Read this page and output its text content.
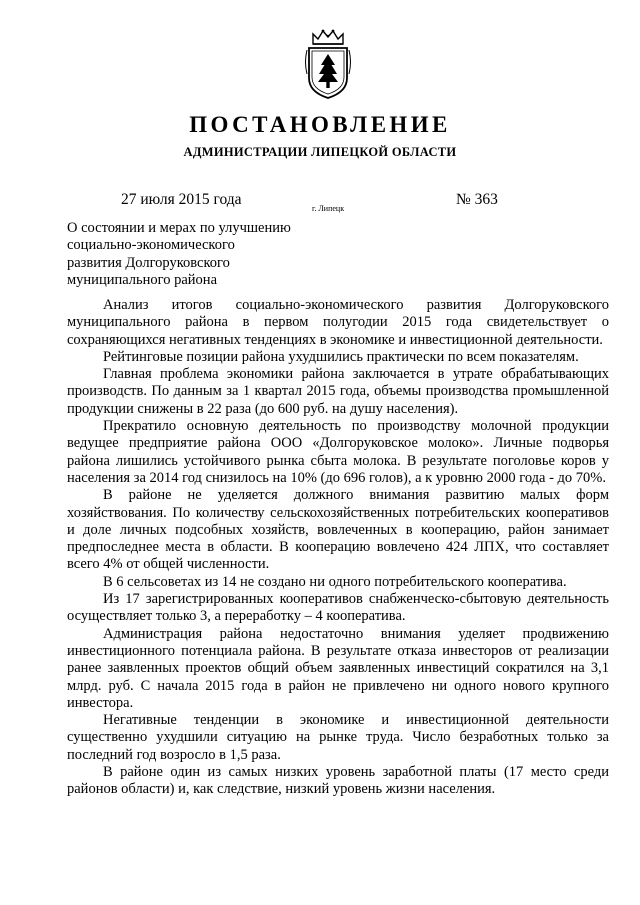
ПОСТАНОВЛЕНИЕ
АДМИНИСТРАЦИИ ЛИПЕЦКОЙ ОБЛАСТИ
27 июля 2015 года
г. Липецк
№ 363
О состоянии и мерах по улучшению
социально-экономического
развития Долгоруковского
муниципального района

Анализ итогов социально-экономического развития Долгоруковского муниципального района в первом полугодии 2015 года свидетельствует о сохраняющихся негативных тенденциях в экономике и инвестиционной деятельности.

Рейтинговые позиции района ухудшились практически по всем показателям.

Главная проблема экономики района заключается в утрате обрабатывающих производств. По данным за 1 квартал 2015 года, объемы производства промышленной продукции снижены в 22 раза (до 600 руб. на душу населения).

Прекратило основную деятельность по производству молочной продукции ведущее предприятие района ООО «Долгоруковское молоко». Личные подворья района лишились устойчивого рынка сбыта молока. В результате поголовье коров у населения за 2014 год снизилось на 10% (до 696 голов), а к уровню 2000 года - до 70%.

В районе не уделяется должного внимания развитию малых форм хозяйствования. По количеству сельскохозяйственных потребительских кооперативов и доле личных подсобных хозяйств, вовлеченных в кооперацию, район занимает предпоследнее места в области. В кооперацию вовлечено 424 ЛПХ, что составляет всего 4% от общей численности.

В 6 сельсоветах из 14 не создано ни одного потребительского кооператива.

Из 17 зарегистрированных кооперативов снабженческо-сбытовую деятельность осуществляет только 3, а переработку – 4 кооператива.

Администрация района недостаточно внимания уделяет продвижению инвестиционного потенциала района. В результате отказа инвесторов от реализации ранее заявленных проектов общий объем заявленных инвестиций сократился на 3,1 млрд. руб. С начала 2015 года в район не привлечено ни одного нового крупного инвестора.

Негативные тенденции в экономике и инвестиционной деятельности существенно ухудшили ситуацию на рынке труда. Число безработных только за последний год возросло в 1,5 раза.

В районе один из самых низких уровень заработной платы (17 место среди районов области) и, как следствие, низкий уровень жизни населения.
